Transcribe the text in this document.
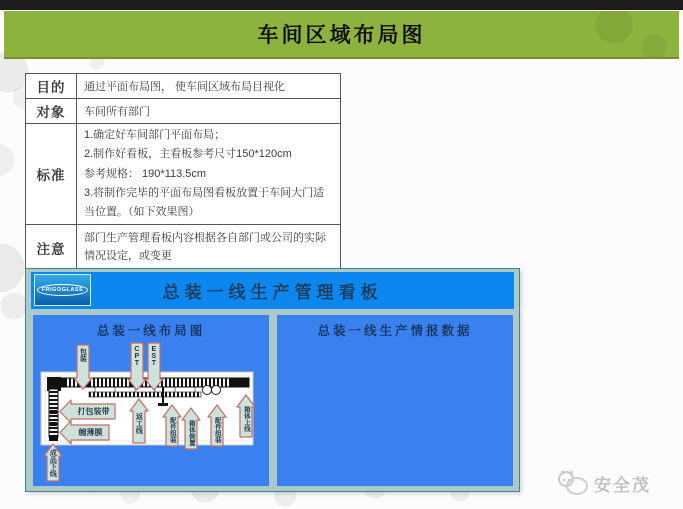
车间区域布局图
目的	通过平面布局图， 使车间区域布局目视化
对象	车间所有部门
标准	1.确定好车间部门平面布局；
2.制作好看板，主看板参考尺寸150*120cm
参考规格： 190*113.5cm
3.将制作完毕的平面布局图看板放置于车间大门适当位置。（如下效果图）

注意	部门生产管理看板内容根据各自部门或公司的实际情况设定，或变更
FRIGOGLASS	总装一线生产管理看板
总装一线布局图
包装	CPT EST
打包装带
缠薄膜
成品下线
返工线	配件组装 箱体倒置	配件组装	箱体上线
总装一线生产情报数据
安全茂
